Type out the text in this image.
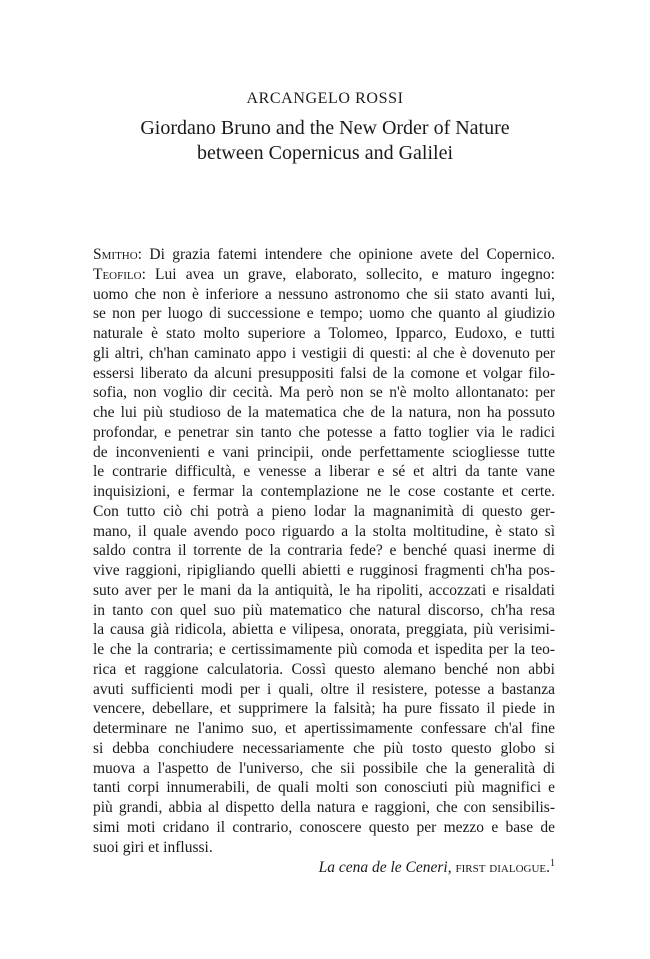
ARCANGELO ROSSI
Giordano Bruno and the New Order of Nature
between Copernicus and Galilei
Smitho: Di grazia fatemi intendere che opinione avete del Copernico.
Teofilo: Lui avea un grave, elaborato, sollecito, e maturo ingegno:
uomo che non è inferiore a nessuno astronomo che sii stato avanti lui,
se non per luogo di successione e tempo; uomo che quanto al giudizio
naturale è stato molto superiore a Tolomeo, Ipparco, Eudoxo, e tutti
gli altri, ch'han caminato appo i vestigii di questi: al che è dovenuto per
essersi liberato da alcuni presuppositi falsi de la comone et volgar filo-
sofia, non voglio dir cecità. Ma però non se n'è molto allontanato: per
che lui più studioso de la matematica che de la natura, non ha possuto
profondar, e penetrar sin tanto che potesse a fatto toglier via le radici
de inconvenienti e vani principii, onde perfettamente sciogliesse tutte
le contrarie difficultà, e venesse a liberar e sé et altri da tante vane
inquisizioni, e fermar la contemplazione ne le cose costante et certe.
Con tutto ciò chi potrà a pieno lodar la magnanimità di questo ger-
mano, il quale avendo poco riguardo a la stolta moltitudine, è stato sì
saldo contra il torrente de la contraria fede? e benché quasi inerme di
vive raggioni, ripigliando quelli abietti e rugginosi fragmenti ch'ha pos-
suto aver per le mani da la antiquità, le ha ripoliti, accozzati e risaldati
in tanto con quel suo più matematico che natural discorso, ch'ha resa
la causa già ridicola, abietta e vilipesa, onorata, preggiata, più verisimi-
le che la contraria; e certissimamente più comoda et ispedita per la teo-
rica et raggione calculatoria. Cossì questo alemano benché non abbi
avuti sufficienti modi per i quali, oltre il resistere, potesse a bastanza
vencere, debellare, et supprimere la falsità; ha pure fissato il piede in
determinare ne l'animo suo, et apertissimamente confessare ch'al fine
si debba conchiudere necessariamente che più tosto questo globo si
muova a l'aspetto de l'universo, che sii possibile che la generalità di
tanti corpi innumerabili, de quali molti son conosciuti più magnifici e
più grandi, abbia al dispetto della natura e raggioni, che con sensibilis-
simi moti cridano il contrario, conoscere questo per mezzo e base de
suoi giri et influssi.
La cena de le Ceneri, first dialogue.$^1$
